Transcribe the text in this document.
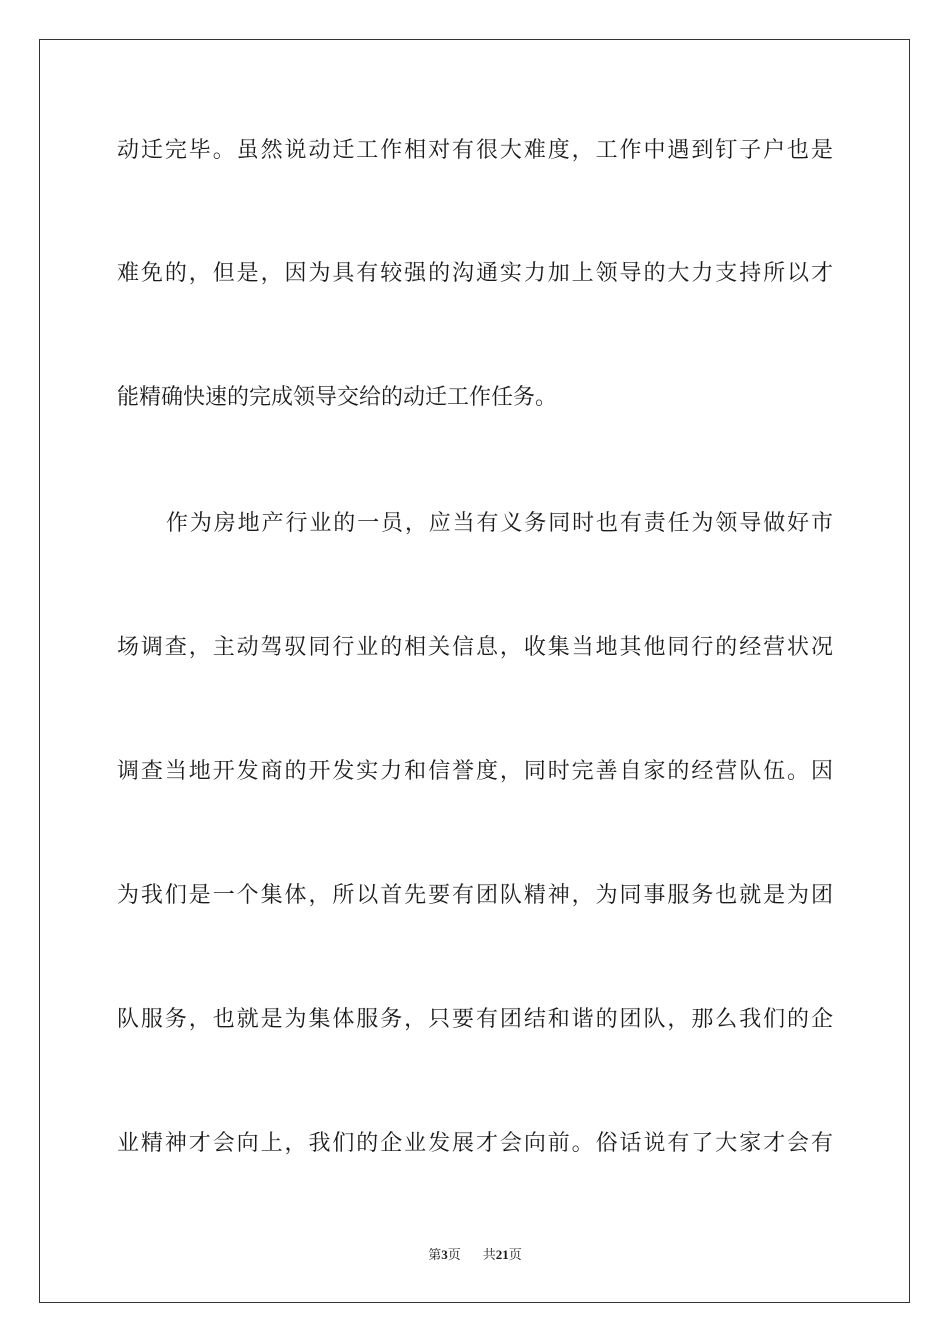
动迁完毕。虽然说动迁工作相对有很大难度，工作中遇到钉子户也是
难免的，但是，因为具有较强的沟通实力加上领导的大力支持所以才
能精确快速的完成领导交给的动迁工作任务。
作为房地产行业的一员，应当有义务同时也有责任为领导做好市
场调查，主动驾驭同行业的相关信息，收集当地其他同行的经营状况
调查当地开发商的开发实力和信誉度，同时完善自家的经营队伍。因
为我们是一个集体，所以首先要有团队精神，为同事服务也就是为团
队服务，也就是为集体服务，只要有团结和谐的团队，那么我们的企
业精神才会向上，我们的企业发展才会向前。俗话说有了大家才会有
第3页 共21页
